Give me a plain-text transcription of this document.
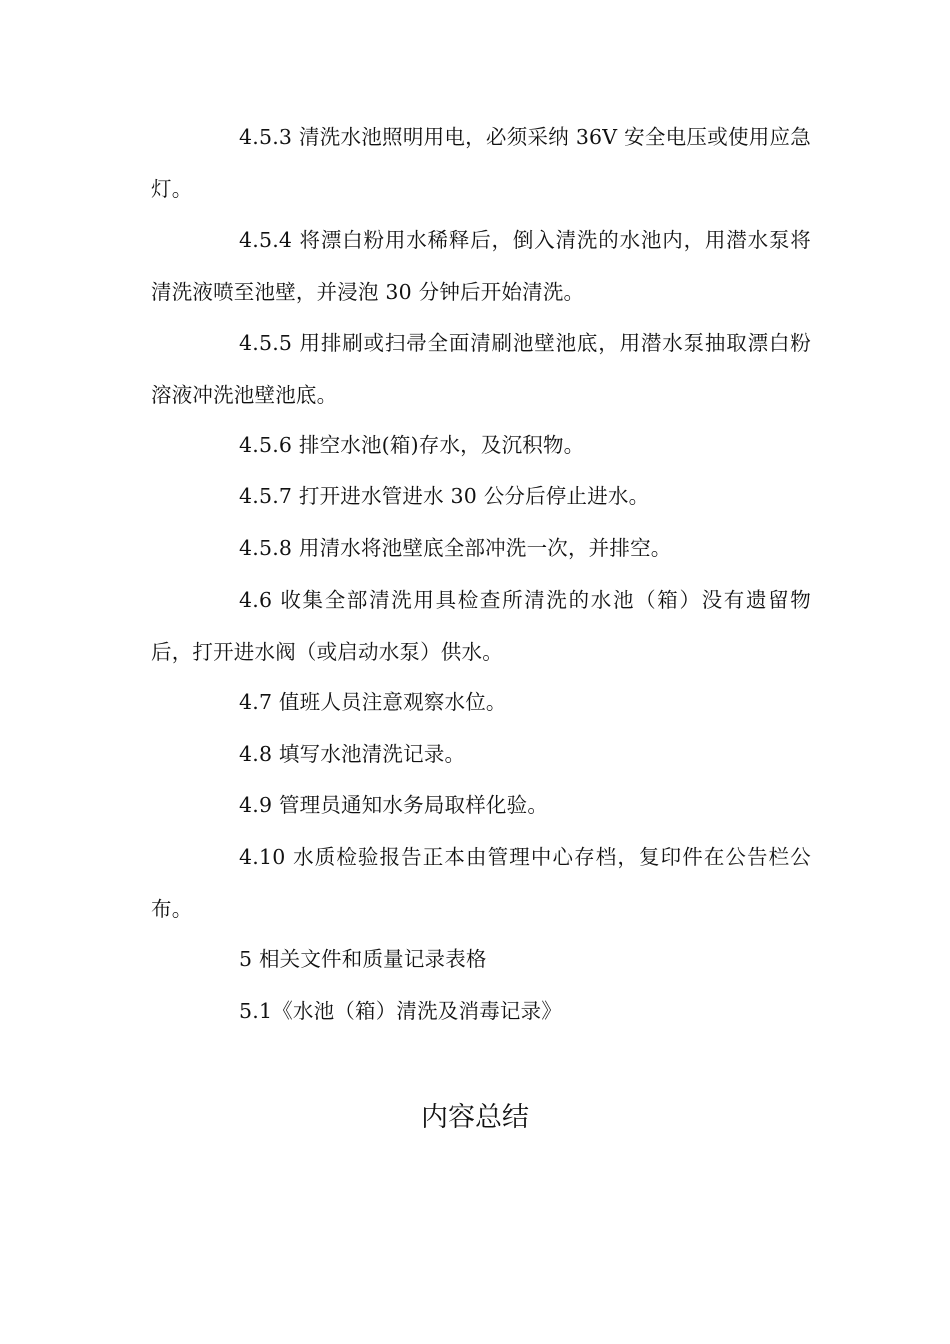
4.5.3 清洗水池照明用电，必须采纳 36V 安全电压或使用应急灯。

4.5.4 将漂白粉用水稀释后，倒入清洗的水池内，用潜水泵将清洗液喷至池壁，并浸泡 30 分钟后开始清洗。

4.5.5 用排刷或扫帚全面清刷池壁池底，用潜水泵抽取漂白粉溶液冲洗池壁池底。

4.5.6 排空水池(箱)存水，及沉积物。

4.5.7 打开进水管进水 30 公分后停止进水。

4.5.8 用清水将池壁底全部冲洗一次，并排空。

4.6 收集全部清洗用具检查所清洗的水池（箱）没有遗留物后，打开进水阀（或启动水泵）供水。

4.7 值班人员注意观察水位。

4.8 填写水池清洗记录。

4.9 管理员通知水务局取样化验。

4.10 水质检验报告正本由管理中心存档，复印件在公告栏公布。

5 相关文件和质量记录表格

5.1《水池（箱）清洗及消毒记录》

内容总结
